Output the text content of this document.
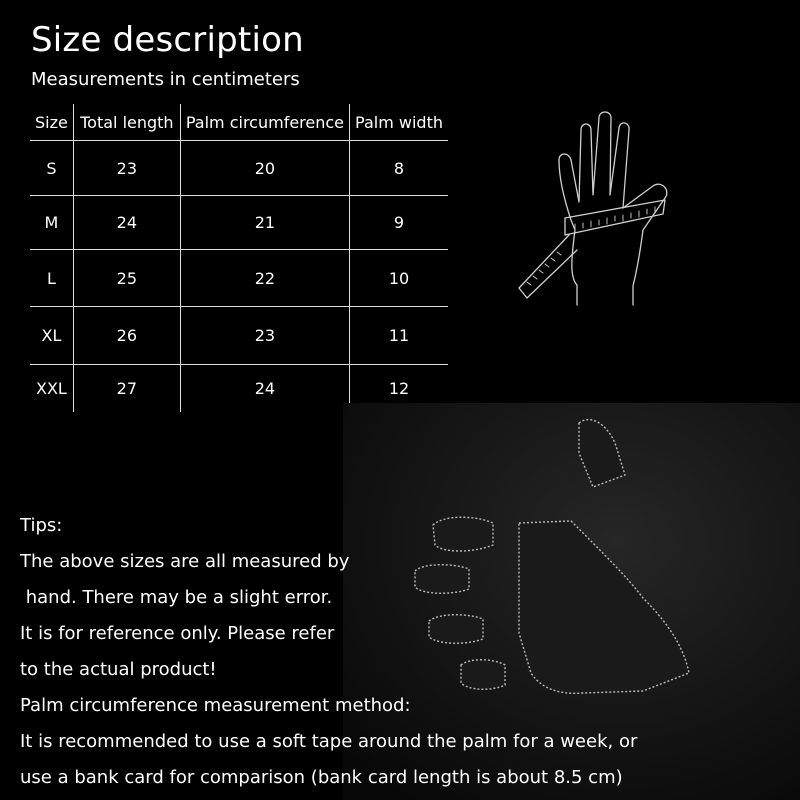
Size description
Measurements in centimeters
Size	Total length	Palm circumference	Palm width
S	23	20	8
M	24	21	9
L	25	22	10
XL	26	23	11
XXL	27	24	12
Tips:
The above sizes are all measured by
hand. There may be a slight error.
It is for reference only. Please refer
to the actual product!
Palm circumference measurement method:
It is recommended to use a soft tape around the palm for a week, or
use a bank card for comparison (bank card length is about 8.5 cm)
